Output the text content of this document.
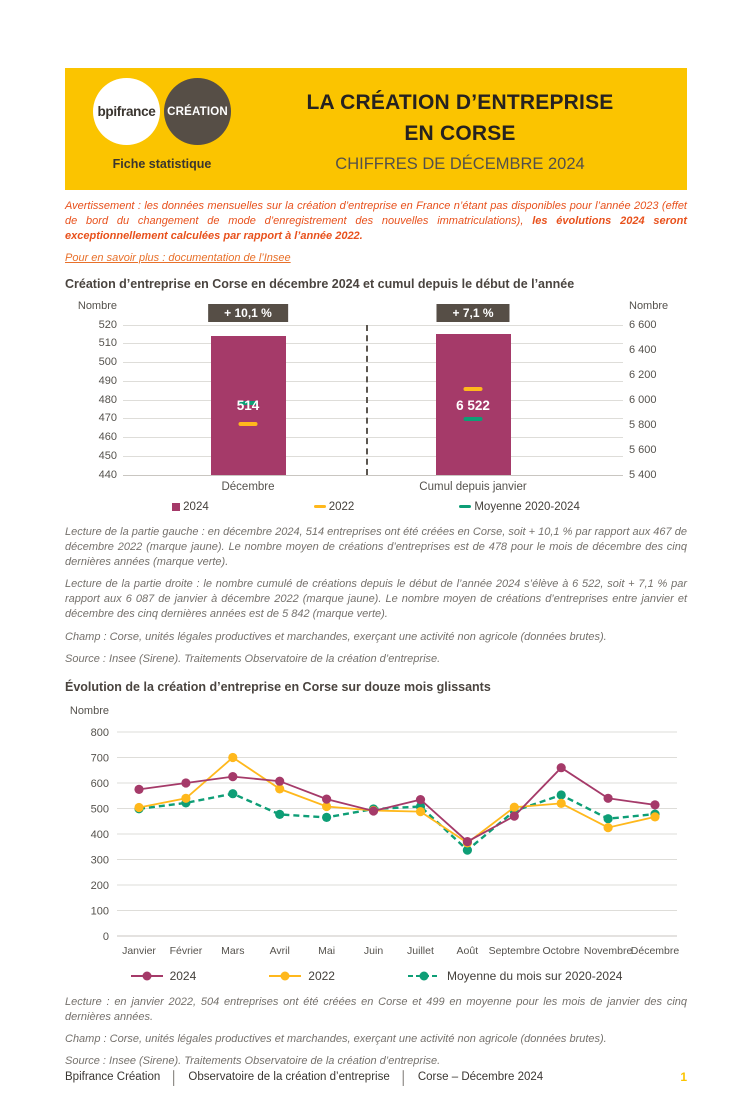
bpifrance CRÉATION
Fiche statistique
LA CRÉATION D’ENTREPRISE
EN CORSE
CHIFFRES DE DÉCEMBRE 2024

Avertissement : les données mensuelles sur la création d’entreprise en France n’étant pas disponibles pour l’année 2023 (effet de bord du changement de mode d’enregistrement des nouvelles immatriculations), les évolutions 2024 seront exceptionnellement calculées par rapport à l’année 2022.

Pour en savoir plus : documentation de l’Insee

Création d’entreprise en Corse en décembre 2024 et cumul depuis le début de l’année
Nombre	+ 10,1 %	+ 7,1 %	Nombre
520
510
500
490
480
470
460
450
440
514	6 522
6 600
6 400
6 200
6 000
5 800
5 600
5 400
Décembre	Cumul depuis janvier
2024	2022	Moyenne 2020-2024

Lecture de la partie gauche : en décembre 2024, 514 entreprises ont été créées en Corse, soit + 10,1 % par rapport aux 467 de décembre 2022 (marque jaune). Le nombre moyen de créations d’entreprises est de 478 pour le mois de décembre des cinq dernières années (marque verte).

Lecture de la partie droite : le nombre cumulé de créations depuis le début de l’année 2024 s’élève à 6 522, soit + 7,1 % par rapport aux 6 087 de janvier à décembre 2022 (marque jaune). Le nombre moyen de créations d’entreprises entre janvier et décembre des cinq dernières années est de 5 842 (marque verte).

Champ : Corse, unités légales productives et marchandes, exerçant une activité non agricole (données brutes).

Source : Insee (Sirene). Traitements Observatoire de la création d’entreprise.

Évolution de la création d’entreprise en Corse sur douze mois glissants
Nombre
0
100
200
300
400
500
600
700
800
Janvier Février Mars Avril	Mai	Juin Juillet Août Septembre Octobre Novembre
Décembre
2024	2022	Moyenne du mois sur 2020-2024

Lecture : en janvier 2022, 504 entreprises ont été créées en Corse et 499 en moyenne pour les mois de janvier des cinq dernières années.

Champ : Corse, unités légales productives et marchandes, exerçant une activité non agricole (données brutes).

Source : Insee (Sirene). Traitements Observatoire de la création d’entreprise.

Bpifrance Création │ Observatoire de la création d’entreprise │ Corse – Décembre 2024	1
